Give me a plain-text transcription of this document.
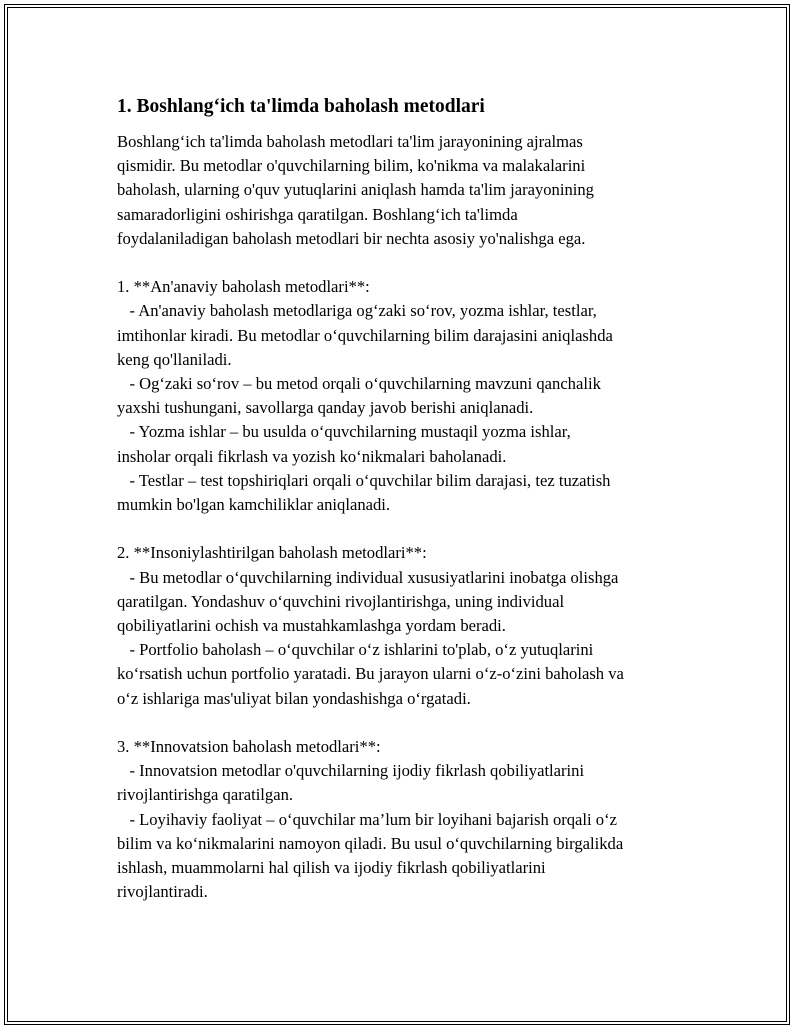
1. Boshlang‘ich ta'limda baholash metodlari

Boshlang‘ich ta'limda baholash metodlari ta'lim jarayonining ajralmas
qismidir. Bu metodlar o'quvchilarning bilim, ko'nikma va malakalarini
baholash, ularning o'quv yutuqlarini aniqlash hamda ta'lim jarayonining
samaradorligini oshirishga qaratilgan. Boshlang‘ich ta'limda
foydalaniladigan baholash metodlari bir nechta asosiy yo'nalishga ega.

1. **An'anaviy baholash metodlari**:
- An'anaviy baholash metodlariga og‘zaki so‘rov, yozma ishlar, testlar,
imtihonlar kiradi. Bu metodlar o‘quvchilarning bilim darajasini aniqlashda
keng qo'llaniladi.
- Og‘zaki so‘rov – bu metod orqali o‘quvchilarning mavzuni qanchalik
yaxshi tushungani, savollarga qanday javob berishi aniqlanadi.
- Yozma ishlar – bu usulda o‘quvchilarning mustaqil yozma ishlar,
insholar orqali fikrlash va yozish ko‘nikmalari baholanadi.
- Testlar – test topshiriqlari orqali o‘quvchilar bilim darajasi, tez tuzatish
mumkin bo'lgan kamchiliklar aniqlanadi.

2. **Insoniylashtirilgan baholash metodlari**:
- Bu metodlar o‘quvchilarning individual xususiyatlarini inobatga olishga
qaratilgan. Yondashuv o‘quvchini rivojlantirishga, uning individual
qobiliyatlarini ochish va mustahkamlashga yordam beradi.
- Portfolio baholash – o‘quvchilar o‘z ishlarini to'plab, o‘z yutuqlarini
ko‘rsatish uchun portfolio yaratadi. Bu jarayon ularni o‘z-o‘zini baholash va
o‘z ishlariga mas'uliyat bilan yondashishga o‘rgatadi.

3. **Innovatsion baholash metodlari**:
- Innovatsion metodlar o'quvchilarning ijodiy fikrlash qobiliyatlarini
rivojlantirishga qaratilgan.
- Loyihaviy faoliyat – o‘quvchilar ma’lum bir loyihani bajarish orqali o‘z
bilim va ko‘nikmalarini namoyon qiladi. Bu usul o‘quvchilarning birgalikda
ishlash, muammolarni hal qilish va ijodiy fikrlash qobiliyatlarini
rivojlantiradi.
